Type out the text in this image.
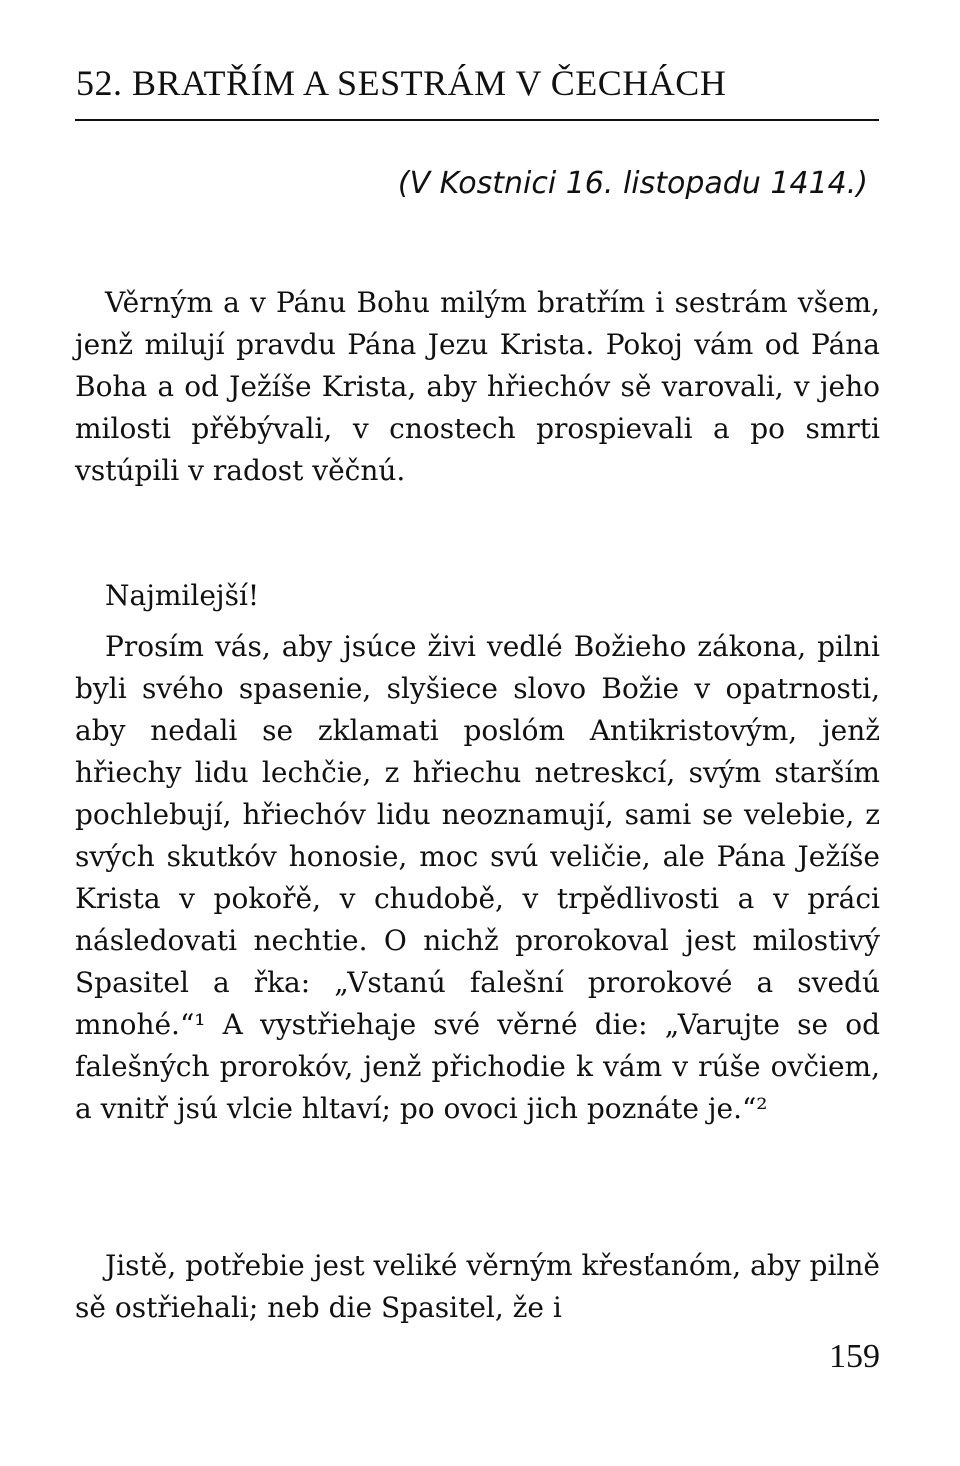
52. BRATŘÍM A SESTRÁM V ČECHÁCH
(V Kostnici 16. listopadu 1414.)

Věrným a v Pánu Bohu milým bratřím i sestrám všem, jenž milují pravdu Pána Jezu Krista. Pokoj vám od Pána Boha a od Ježíše Krista, aby hřiechóv sě varovali, v jeho milosti přěbývali, v cnostech prospievali a po smrti vstúpili v radost věčnú.

Najmilejší!

Prosím vás, aby jsúce živi vedlé Božieho zákona, pilni byli svého spasenie, slyšiece slovo Božie v opatrnosti, aby nedali se zklamati poslóm Antikristovým, jenž hřiechy lidu lechčie, z hřiechu netreskcí, svým starším pochlebují, hřiechóv lidu neoznamují, sami se velebie, z svých skutkóv honosie, moc svú veličie, ale Pána Ježíše Krista v pokořě, v chudobě, v trpědlivosti a v práci následovati nechtie. O nichž prorokoval jest milostivý Spasitel a řka: „Vstanú falešní prorokové a svedú mnohé.“¹ A vystřiehaje své věrné die: „Varujte se od falešných prorokóv, jenž přichodie k vám v rúše ovčiem, a vnitř jsú vlcie hltaví; po ovoci jich poznáte je.“²

Jistě, potřebie jest veliké věrným křesťanóm, aby pilně sě ostřiehali; neb die Spasitel, že i

159
